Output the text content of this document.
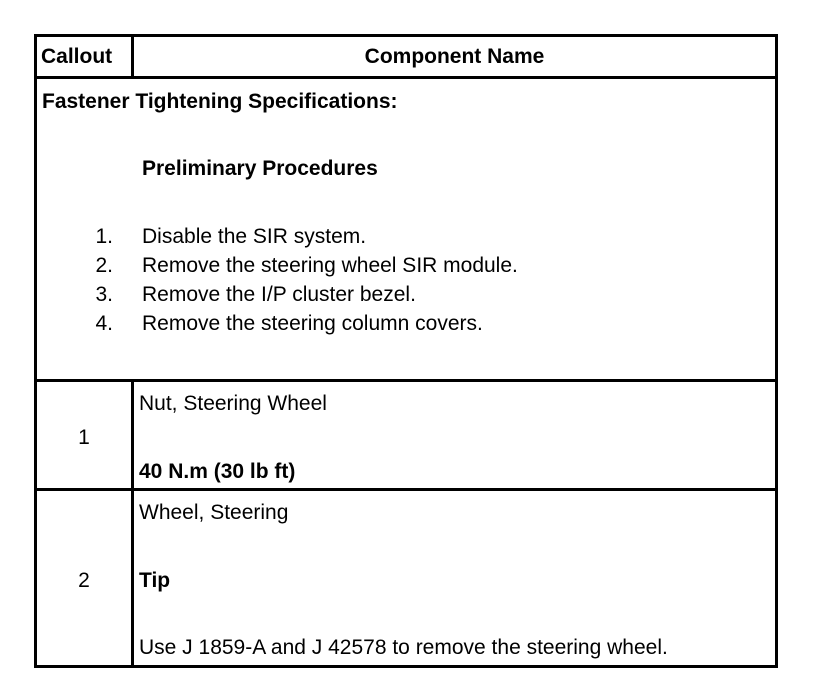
Callout	Component Name
Fastener Tightening Specifications:
Preliminary Procedures
1. Disable the SIR system.
2. Remove the steering wheel SIR module.
3. Remove the I/P cluster bezel.
4. Remove the steering column covers.
1
Nut, Steering Wheel
40 N.m (30 lb ft)
2
Wheel, Steering
Tip
Use J 1859-A and J 42578 to remove the steering wheel.
